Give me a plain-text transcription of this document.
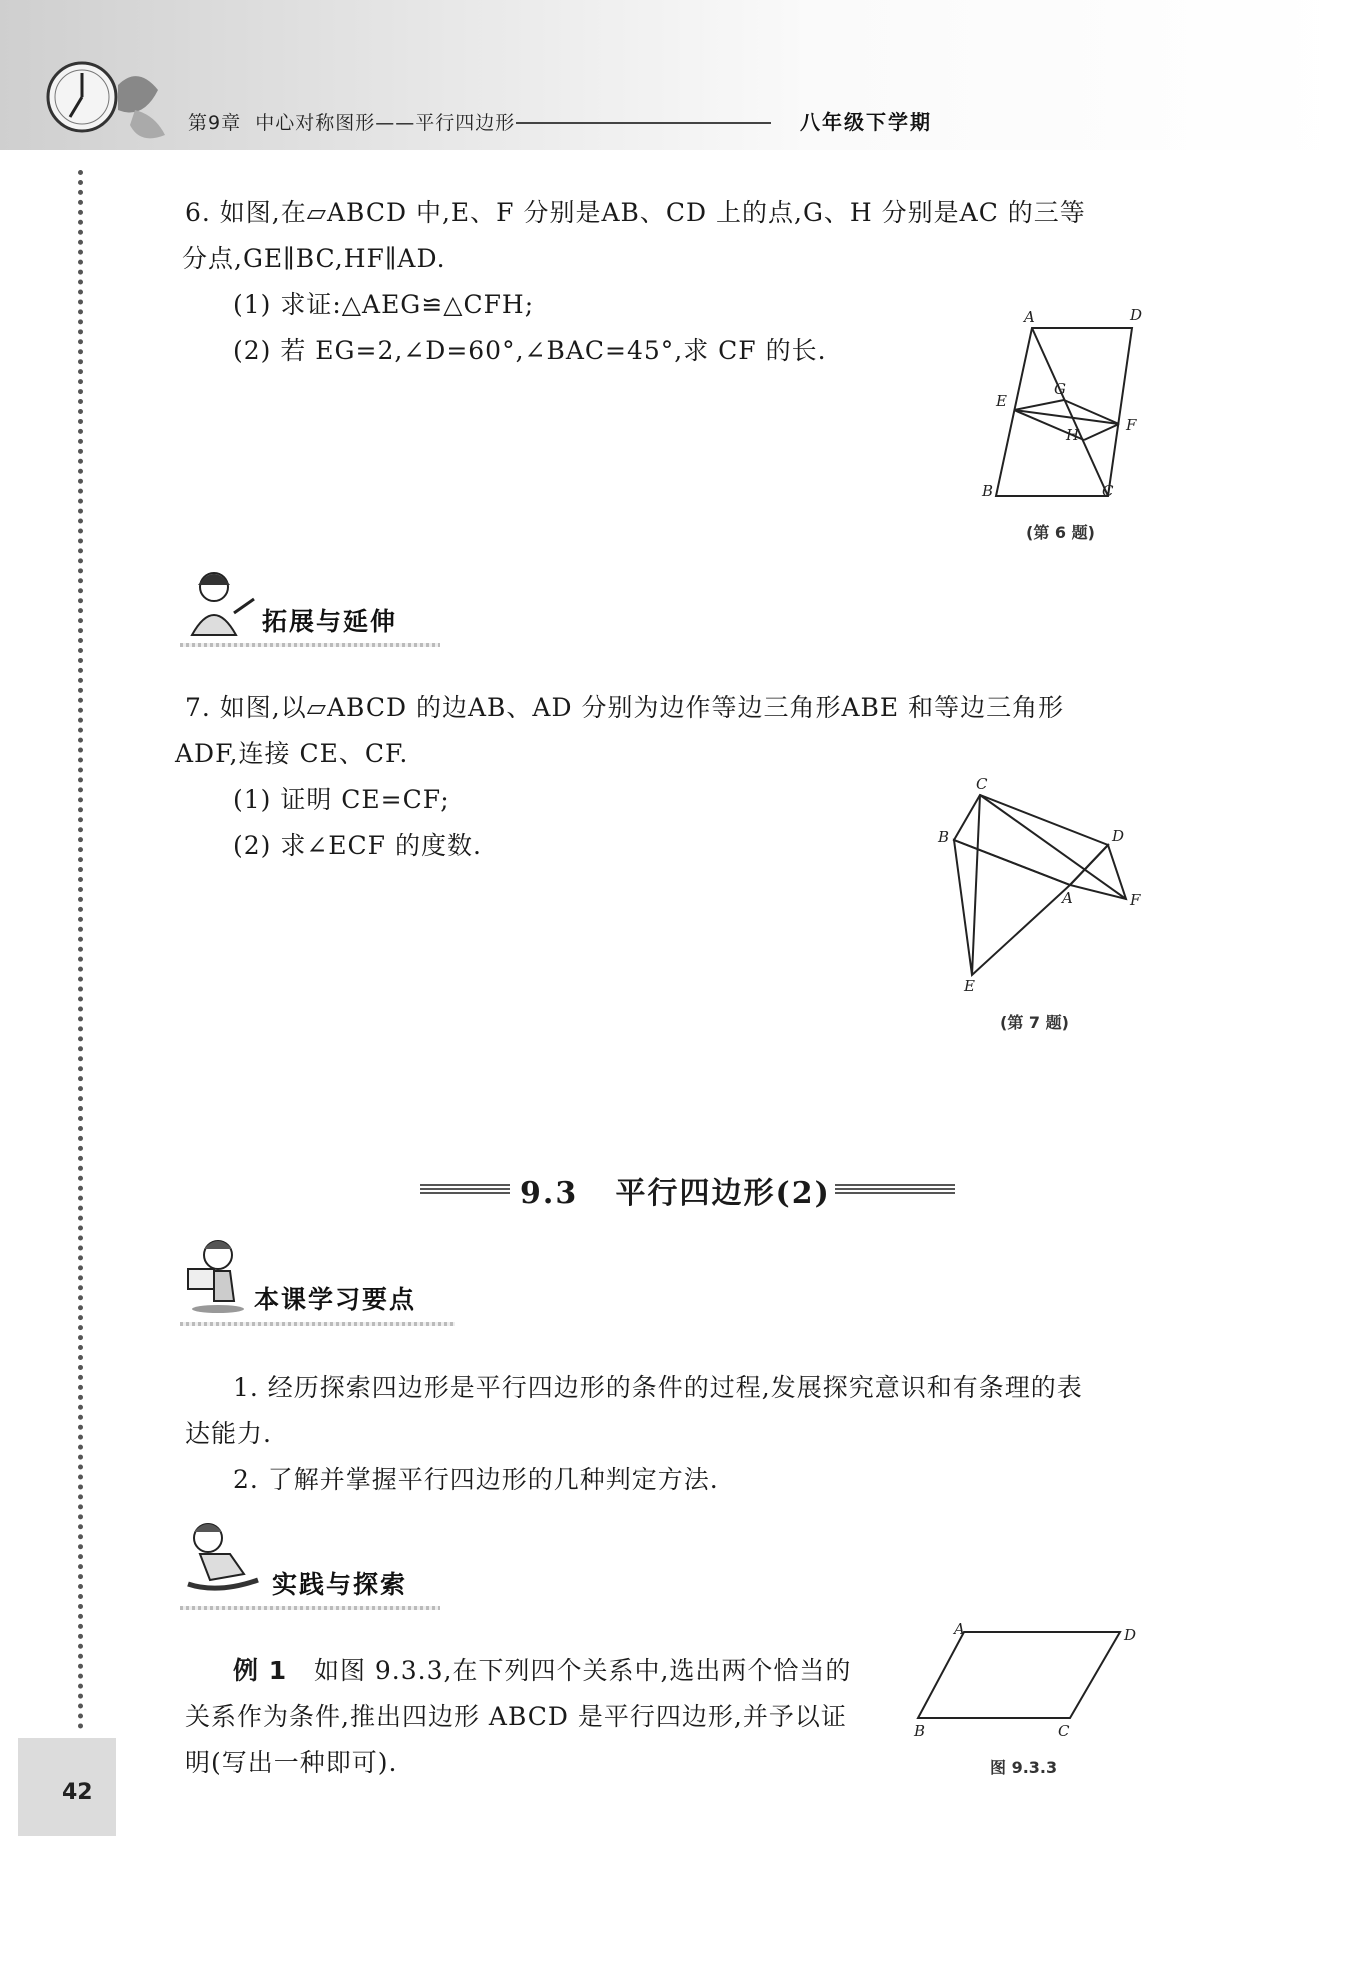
第9章 中心对称图形——平行四边形	八年级下学期
6. 如图,在▱ABCD 中,E、F 分别是AB、CD 上的点,G、H 分别是AC 的三等
分点,GE∥BC,HF∥AD.
(1) 求证:△AEG≌△CFH;
(2) 若 EG=2,∠D=60°,∠BAC=45°,求 CF 的长.
A	D
E
G
H
F
B	C
(第 6 题)
拓展与延伸
7. 如图,以▱ABCD 的边AB、AD 分别为边作等边三角形ABE 和等边三角形
ADF,连接 CE、CF.
(1) 证明 CE=CF;
(2) 求∠ECF 的度数.
C
B	D
A	F
E
(第 7 题)
9.3 平行四边形(2)
本课学习要点
1. 经历探索四边形是平行四边形的条件的过程,发展探究意识和有条理的表
达能力.
2. 了解并掌握平行四边形的几种判定方法.
实践与探索
例 1 如图 9.3.3,在下列四个关系中,选出两个恰当的
关系作为条件,推出四边形 ABCD 是平行四边形,并予以证
明(写出一种即可).
A	D
B	C
图 9.3.3
42
